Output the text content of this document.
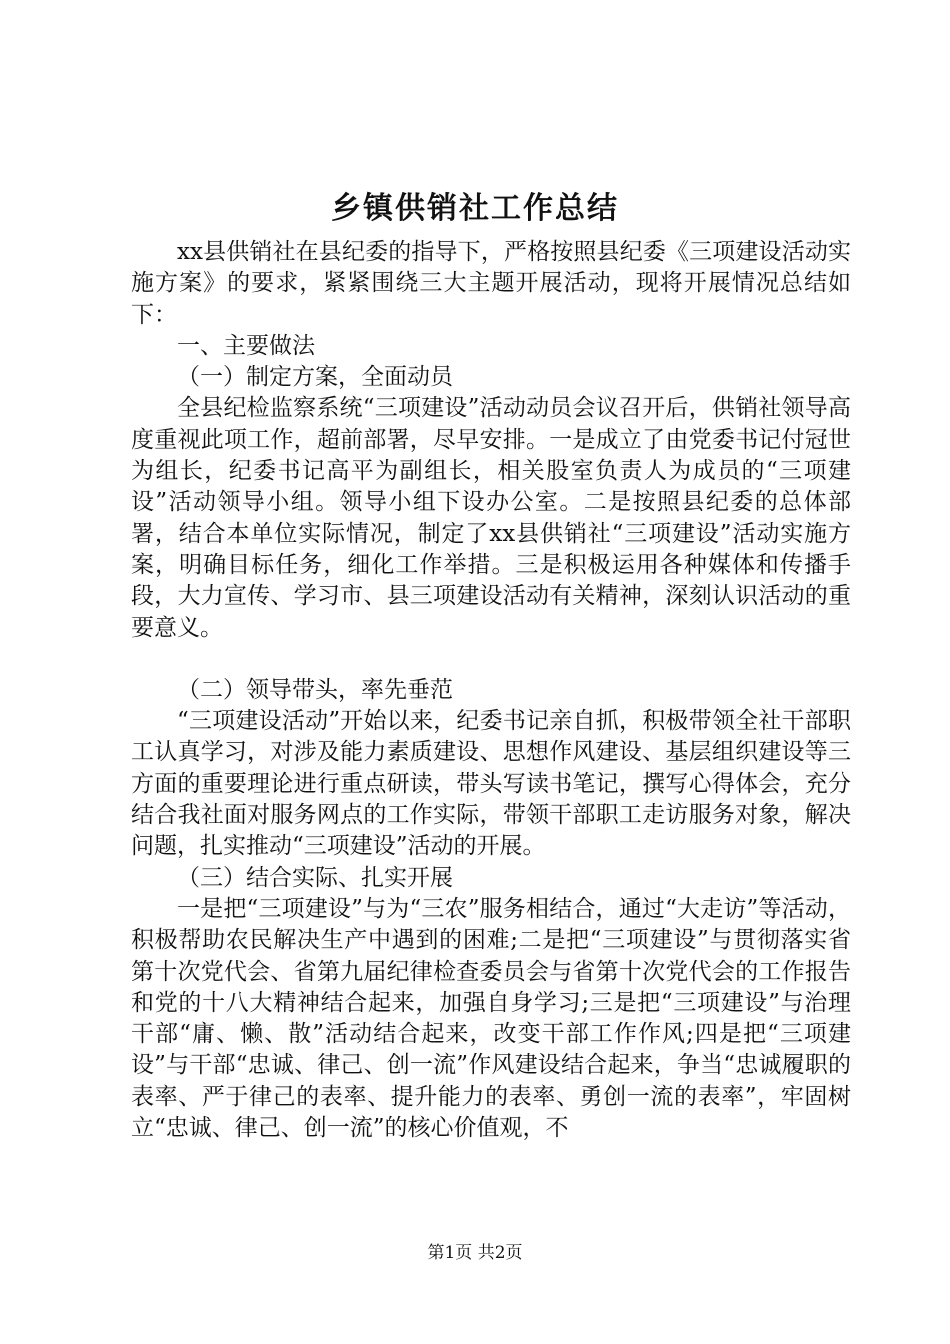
乡镇供销社工作总结

xx县供销社在县纪委的指导下，严格按照县纪委《三项建设活动实施方案》的要求，紧紧围绕三大主题开展活动，现将开展情况总结如下：

一、主要做法

（一）制定方案，全面动员

全县纪检监察系统“三项建设”活动动员会议召开后，供销社领导高度重视此项工作，超前部署，尽早安排。一是成立了由党委书记付冠世为组长，纪委书记高平为副组长，相关股室负责人为成员的“三项建设”活动领导小组。领导小组下设办公室。二是按照县纪委的总体部署，结合本单位实际情况，制定了xx县供销社“三项建设”活动实施方案，明确目标任务，细化工作举措。三是积极运用各种媒体和传播手段，大力宣传、学习市、县三项建设活动有关精神，深刻认识活动的重要意义。

（二）领导带头，率先垂范

“三项建设活动”开始以来，纪委书记亲自抓，积极带领全社干部职工认真学习，对涉及能力素质建设、思想作风建设、基层组织建设等三方面的重要理论进行重点研读，带头写读书笔记，撰写心得体会，充分结合我社面对服务网点的工作实际，带领干部职工走访服务对象，解决问题，扎实推动“三项建设”活动的开展。

（三）结合实际、扎实开展

一是把“三项建设”与为“三农”服务相结合，通过“大走访”等活动，积极帮助农民解决生产中遇到的困难;二是把“三项建设”与贯彻落实省第十次党代会、省第九届纪律检查委员会与省第十次党代会的工作报告和党的十八大精神结合起来，加强自身学习;三是把“三项建设”与治理干部“庸、懒、散”活动结合起来，改变干部工作作风;四是把“三项建设”与干部“忠诚、律己、创一流”作风建设结合起来，争当“忠诚履职的表率、严于律己的表率、提升能力的表率、勇创一流的表率”，牢固树立“忠诚、律己、创一流”的核心价值观，不

第1页 共2页
